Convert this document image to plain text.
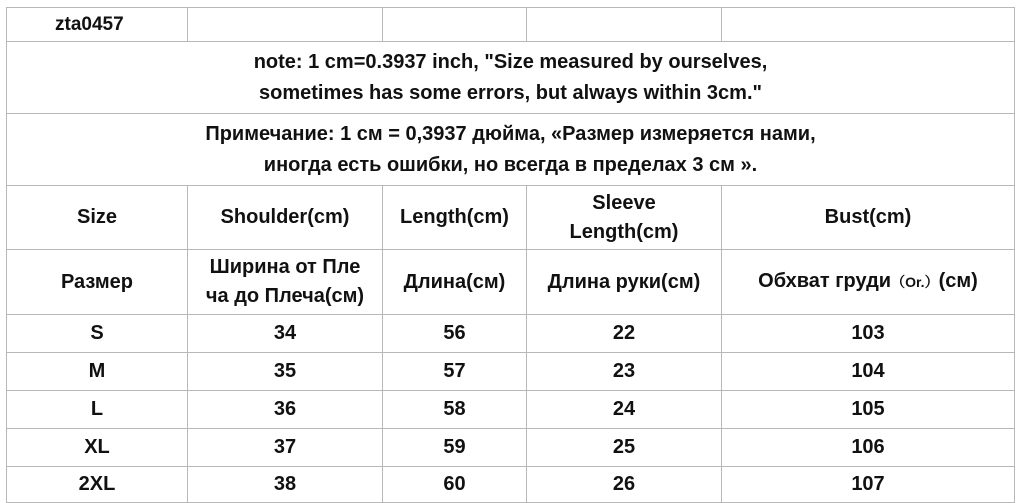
zta0457				

note: 1 cm=0.3937 inch, "Size measured by ourselves,
sometimes has some errors, but always within 3cm."				

Примечание: 1 см = 0,3937 дюйма, «Размер измеряется нами,
иногда есть ошибки, но всегда в пределах 3 см ».				

Size	Shoulder(cm)	Length(cm)	Sleeve
Length(cm)	Bust(cm)
Размер	Ширина от Пле
ча до Плеча(см)	Длина(см)	Длина руки(см)	Обхват груди（Or.）(см)
S	34	56	22	103
M	35	57	23	104
L	36	58	24	105
XL	37	59	25	106
2XL	38	60	26	107
